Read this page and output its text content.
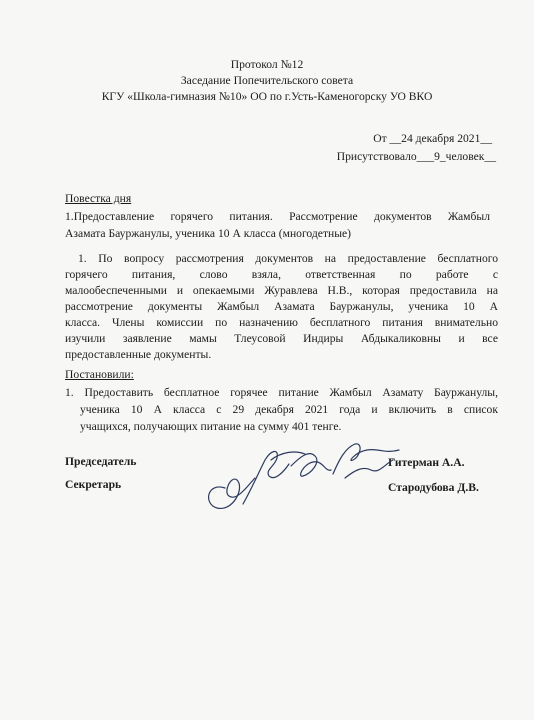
Протокол №12
Заседание Попечительского совета
КГУ «Школа-гимназия №10» ОО по г.Усть-Каменогорску УО ВКО
От __24 декабря 2021__
Присутствовало___9_человек__
Повестка дня
1.Предоставление горячего питания. Рассмотрение документов Жамбыл
Азамата Бауржанулы, ученика 10 А класса (многодетные)
1. По вопросу рассмотрения документов на предоставление бесплатного
горячего питания, слово взяла, ответственная по работе с
малообеспеченными и опекаемыми Журавлева Н.В., которая предоставила на
рассмотрение документы Жамбыл Азамата Бауржанулы, ученика 10 А
класса. Члены комиссии по назначению бесплатного питания внимательно
изучили заявление мамы Тлеусовой Индиры Абдыкаликовны и все
предоставленные документы.
Постановили:
1. Предоставить бесплатное горячее питание Жамбыл Азамату Бауржанулы,
ученика 10 А класса с 29 декабря 2021 года и включить в список
учащихся, получающих питание на сумму 401 тенге.
Председатель	Гитерман А.А.
Секретарь	Стародубова Д.В.
